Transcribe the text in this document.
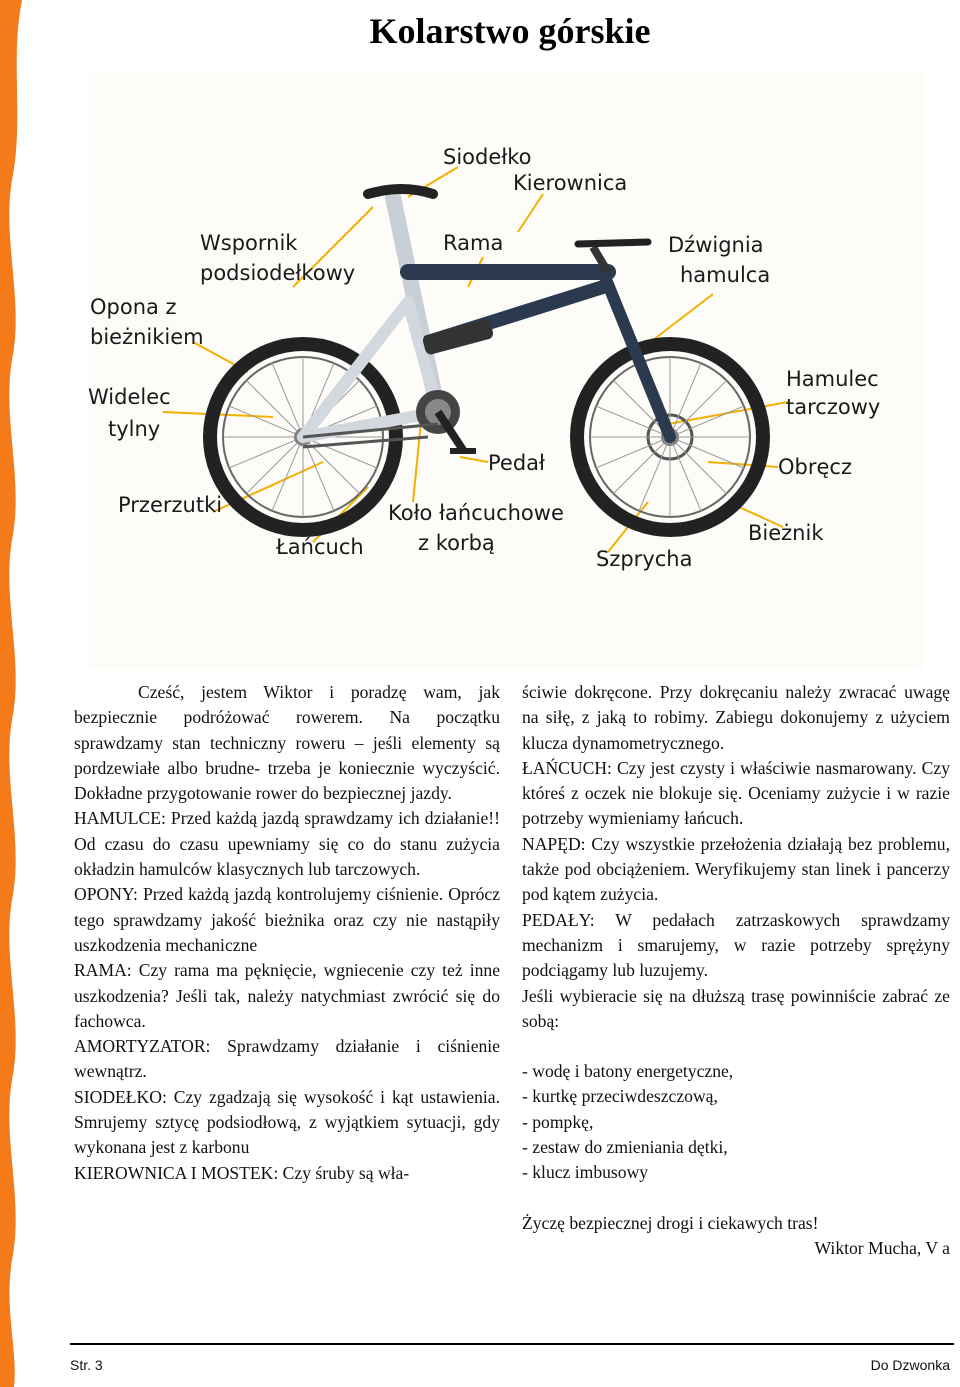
Kolarstwo górskie
Siodełko
Kierownica
Wspornik
podsiodełkowy
Rama	Dźwignia
hamulca
Opona z
bieżnikiem
Widelec
tylny
Hamulec
tarczowy
Obręcz
Pedał
Przerzutki	Koło łańcuchowe
z korbą
Łańcuch
Bieżnik
Szprycha

Cześć, jestem Wiktor i poradzę wam, jak bezpiecznie podróżować rowerem. Na początku sprawdzamy stan techniczny roweru – jeśli elementy są pordzewiałe albo brudne- trzeba je koniecznie wyczyścić. Dokładne przygotowanie rower do bezpiecznej jazdy.

HAMULCE: Przed każdą jazdą sprawdzamy ich działanie!! Od czasu do czasu upewniamy się co do stanu zużycia okładzin hamulców klasycznych lub tarczowych.

OPONY: Przed każdą jazdą kontrolujemy ciśnienie. Oprócz tego sprawdzamy jakość bieżnika oraz czy nie nastąpiły uszkodzenia mechaniczne

RAMA: Czy rama ma pęknięcie, wgniecenie czy też inne uszkodzenia? Jeśli tak, należy natychmiast zwrócić się do fachowca.

AMORTYZATOR: Sprawdzamy działanie i ciśnienie wewnątrz.

SIODEŁKO: Czy zgadzają się wysokość i kąt ustawienia. Smrujemy sztycę podsiodłową, z wyjątkiem sytuacji, gdy wykonana jest z karbonu

KIEROWNICA I MOSTEK: Czy śruby są wła-

ściwie dokręcone. Przy dokręcaniu należy zwracać uwagę na siłę, z jaką to robimy. Zabiegu dokonujemy z użyciem klucza dynamometrycznego.

ŁAŃCUCH: Czy jest czysty i właściwie nasmarowany. Czy któreś z oczek nie blokuje się. Oceniamy zużycie i w razie potrzeby wymieniamy łańcuch.

NAPĘD: Czy wszystkie przełożenia działają bez problemu, także pod obciążeniem. Weryfikujemy stan linek i pancerzy pod kątem zużycia.

PEDAŁY: W pedałach zatrzaskowych sprawdzamy mechanizm i smarujemy, w razie potrzeby sprężyny podciągamy lub luzujemy.

Jeśli wybieracie się na dłuższą trasę powinniście zabrać ze sobą:

- wodę i batony energetyczne,

- kurtkę przeciwdeszczową,

- pompkę,

- zestaw do zmieniania dętki,

- klucz imbusowy

Życzę bezpiecznej drogi i ciekawych tras!

Wiktor Mucha, V a

Str. 3	Do Dzwonka
